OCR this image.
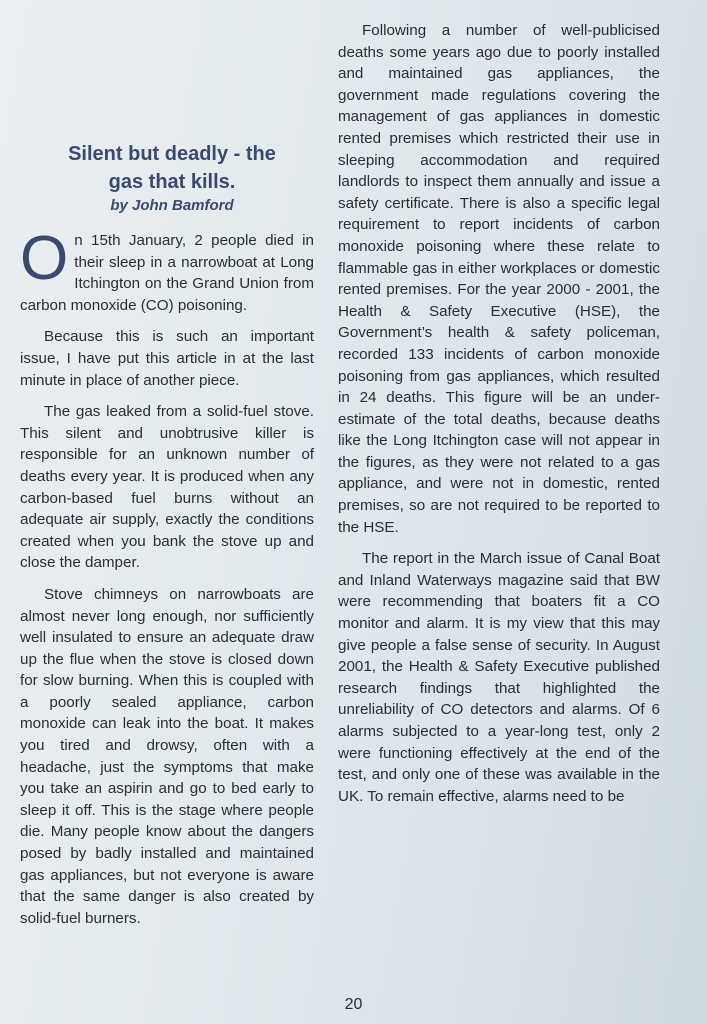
Silent but deadly - the
gas that kills.
by John Bamford

On 15th January, 2 people died in their sleep in a narrowboat at Long Itchington on the Grand Union from carbon monoxide (CO) poisoning.

Because this is such an important issue, I have put this article in at the last minute in place of another piece.

The gas leaked from a solid-fuel stove. This silent and unobtrusive killer is responsible for an unknown number of deaths every year. It is produced when any carbon-based fuel burns without an adequate air supply, exactly the conditions created when you bank the stove up and close the damper.

Stove chimneys on narrowboats are almost never long enough, nor sufficiently well insulated to ensure an adequate draw up the flue when the stove is closed down for slow burning. When this is coupled with a poorly sealed appliance, carbon monoxide can leak into the boat. It makes you tired and drowsy, often with a headache, just the symptoms that make you take an aspirin and go to bed early to sleep it off. This is the stage where people die. Many people know about the dangers posed by badly installed and maintained gas appliances, but not everyone is aware that the same danger is also created by solid-fuel burners.

Following a number of well-publicised deaths some years ago due to poorly installed and maintained gas appliances, the government made regulations covering the management of gas appliances in domestic rented premises which restricted their use in sleeping accommodation and required landlords to inspect them annually and issue a safety certificate. There is also a specific legal requirement to report incidents of carbon monoxide poisoning where these relate to flammable gas in either workplaces or domestic rented premises. For the year 2000 - 2001, the Health & Safety Executive (HSE), the Government’s health & safety policeman, recorded 133 incidents of carbon monoxide poisoning from gas appliances, which resulted in 24 deaths. This figure will be an under-estimate of the total deaths, because deaths like the Long Itchington case will not appear in the figures, as they were not related to a gas appliance, and were not in domestic, rented premises, so are not required to be reported to the HSE.

The report in the March issue of Canal Boat and Inland Waterways magazine said that BW were recommending that boaters fit a CO monitor and alarm. It is my view that this may give people a false sense of security. In August 2001, the Health & Safety Executive published research findings that highlighted the unreliability of CO detectors and alarms. Of 6 alarms subjected to a year-long test, only 2 were functioning effectively at the end of the test, and only one of these was available in the UK. To remain effective, alarms need to be

20
